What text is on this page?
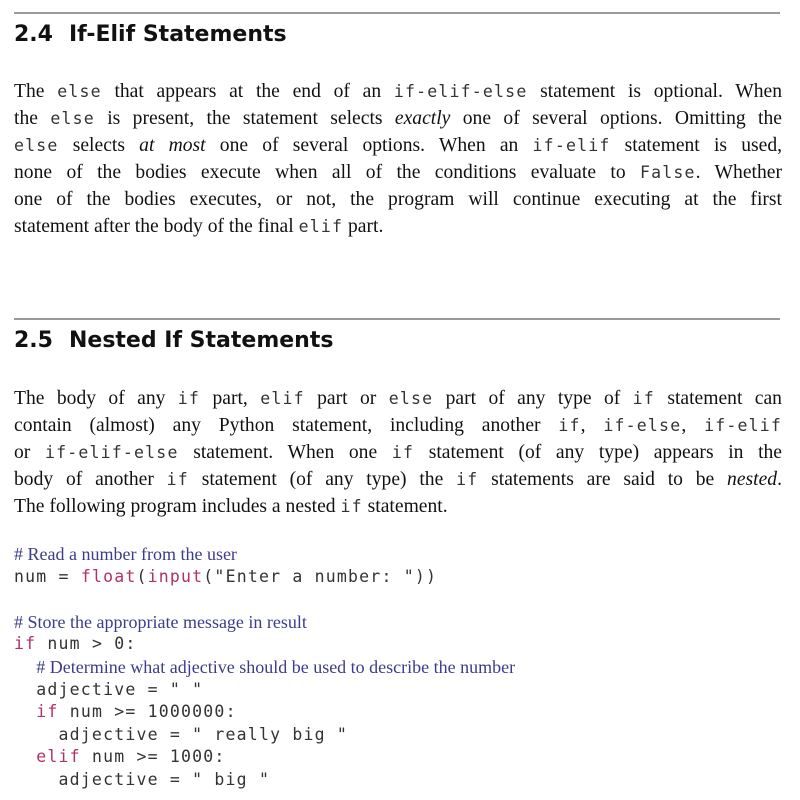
2.4 If-Elif Statements
The else that appears at the end of an if-elif-else statement is optional. When
the else is present, the statement selects exactly one of several options. Omitting the
else selects at most one of several options. When an if-elif statement is used,
none of the bodies execute when all of the conditions evaluate to False. Whether
one of the bodies executes, or not, the program will continue executing at the first
statement after the body of the final elif part.
2.5 Nested If Statements
The body of any if part, elif part or else part of any type of if statement can
contain (almost) any Python statement, including another if, if-else, if-elif
or if-elif-else statement. When one if statement (of any type) appears in the
body of another if statement (of any type) the if statements are said to be nested.
The following program includes a nested if statement.
# Read a number from the user
num = float(input("Enter a number: "))
# Store the appropriate message in result
if num > 0:
# Determine what adjective should be used to describe the number
adjective = " "
if num >= 1000000:
adjective = " really big "
elif num >= 1000:
adjective = " big "
